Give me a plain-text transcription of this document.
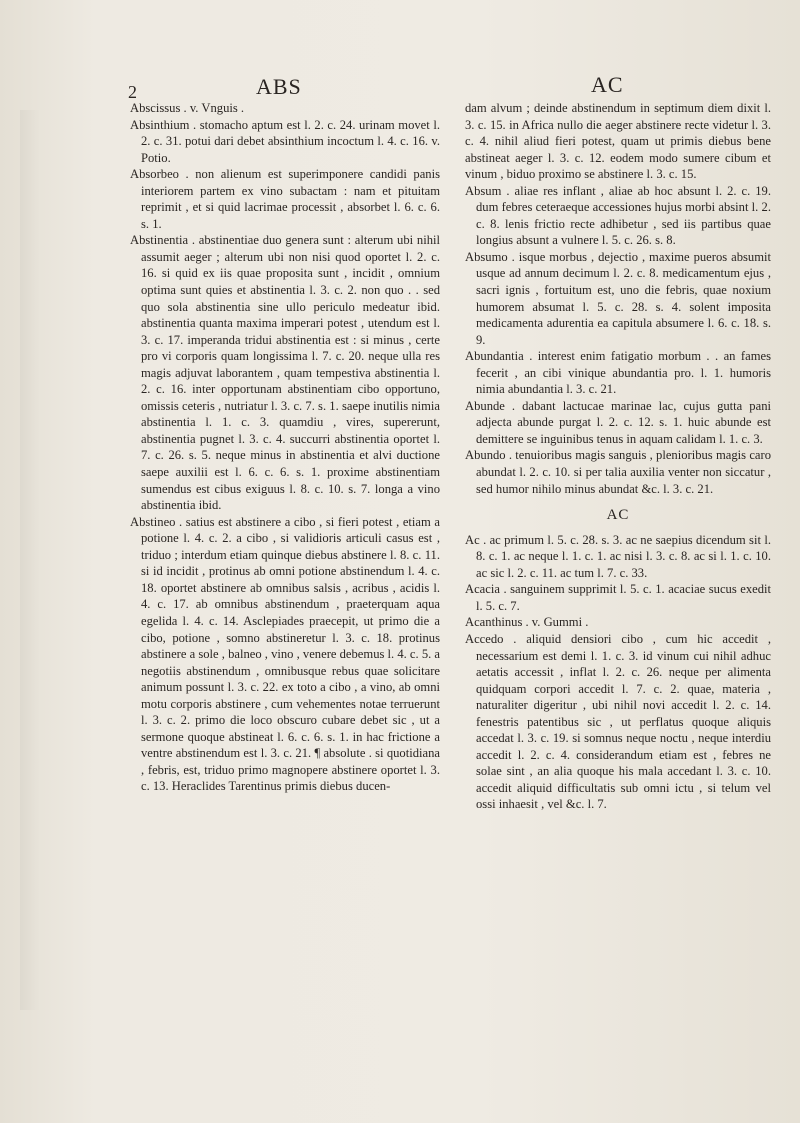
2	ABS	AC

Abscissus . v. Vnguis .

Absinthium . stomacho aptum est l. 2. c. 24. urinam movet l. 2. c. 31. potui dari debet absinthium incoctum l. 4. c. 16. v. Potio.

Absorbeo . non alienum est superimponere candidi panis interiorem partem ex vino subactam : nam et pituitam reprimit , et si quid lacrimae processit , absorbet l. 6. c. 6. s. 1.

Abstinentia . abstinentiae duo genera sunt : alterum ubi nihil assumit aeger ; alterum ubi non nisi quod oportet l. 2. c. 16. si quid ex iis quae proposita sunt , incidit , omnium optima sunt quies et abstinentia l. 3. c. 2. non quo . . sed quo sola abstinentia sine ullo periculo medeatur ibid. abstinentia quanta maxima imperari potest , utendum est l. 3. c. 17. imperanda tridui abstinentia est : si minus , certe pro vi corporis quam longissima l. 7. c. 20. neque ulla res magis adjuvat laborantem , quam tempestiva abstinentia l. 2. c. 16. inter opportunam abstinentiam cibo opportuno, omissis ceteris , nutriatur l. 3. c. 7. s. 1. saepe inutilis nimia abstinentia l. 1. c. 3. quamdiu , vires, supererunt, abstinentia pugnet l. 3. c. 4. succurri abstinentia oportet l. 7. c. 26. s. 5. neque minus in abstinentia et alvi ductione saepe auxilii est l. 6. c. 6. s. 1. proxime abstinentiam sumendus est cibus exiguus l. 8. c. 10. s. 7. longa a vino abstinentia ibid.

Abstineo . satius est abstinere a cibo , si fieri potest , etiam a potione l. 4. c. 2. a cibo , si validioris articuli casus est , triduo ; interdum etiam quinque diebus abstinere l. 8. c. 11. si id incidit , protinus ab omni potione abstinendum l. 4. c. 18. oportet abstinere ab omnibus salsis , acribus , acidis l. 4. c. 17. ab omnibus abstinendum , praeterquam aqua egelida l. 4. c. 14. Asclepiades praecepit, ut primo die a cibo, potione , somno abstineretur l. 3. c. 18. protinus abstinere a sole , balneo , vino , venere debemus l. 4. c. 5. a negotiis abstinendum , omnibusque rebus quae solicitare animum possunt l. 3. c. 22. ex toto a cibo , a vino, ab omni motu corporis abstinere , cum vehementes notae terruerunt l. 3. c. 2. primo die loco obscuro cubare debet sic , ut a sermone quoque abstineat l. 6. c. 6. s. 1. in hac frictione a ventre abstinendum est l. 3. c. 21. ¶ absolute . si quotidiana , febris, est, triduo primo magnopere abstinere oportet l. 3. c. 13. Heraclides Tarentinus primis diebus ducen-

dam alvum ; deinde abstinendum in septimum diem dixit l. 3. c. 15. in Africa nullo die aeger abstinere recte videtur l. 3. c. 4. nihil aliud fieri potest, quam ut primis diebus bene abstineat aeger l. 3. c. 12. eodem modo sumere cibum et vinum , biduo proximo se abstinere l. 3. c. 15.

Absum . aliae res inflant , aliae ab hoc absunt l. 2. c. 19. dum febres ceteraeque accessiones hujus morbi absint l. 2. c. 8. lenis frictio recte adhibetur , sed iis partibus quae longius absunt a vulnere l. 5. c. 26. s. 8.

Absumo . isque morbus , dejectio , maxime pueros absumit usque ad annum decimum l. 2. c. 8. medicamentum ejus , sacri ignis , fortuitum est, uno die febris, quae noxium humorem absumat l. 5. c. 28. s. 4. solent imposita medicamenta adurentia ea capitula absumere l. 6. c. 18. s. 9.

Abundantia . interest enim fatigatio morbum . . an fames fecerit , an cibi vinique abundantia pro. l. 1. humoris nimia abundantia l. 3. c. 21.

Abunde . dabant lactucae marinae lac, cujus gutta pani adjecta abunde purgat l. 2. c. 12. s. 1. huic abunde est demittere se inguinibus tenus in aquam calidam l. 1. c. 3.

Abundo . tenuioribus magis sanguis , plenioribus magis caro abundat l. 2. c. 10. si per talia auxilia venter non siccatur , sed humor nihilo minus abundat &c. l. 3. c. 21.

AC

Ac . ac primum l. 5. c. 28. s. 3. ac ne saepius dicendum sit l. 8. c. 1. ac neque l. 1. c. 1. ac nisi l. 3. c. 8. ac si l. 1. c. 10. ac sic l. 2. c. 11. ac tum l. 7. c. 33.

Acacia . sanguinem supprimit l. 5. c. 1. acaciae sucus exedit l. 5. c. 7.

Acanthinus . v. Gummi .

Accedo . aliquid densiori cibo , cum hic accedit , necessarium est demi l. 1. c. 3. id vinum cui nihil adhuc aetatis accessit , inflat l. 2. c. 26. neque per alimenta quidquam corpori accedit l. 7. c. 2. quae, materia , naturaliter digeritur , ubi nihil novi accedit l. 2. c. 14. fenestris patentibus sic , ut perflatus quoque aliquis accedat l. 3. c. 19. si somnus neque noctu , neque interdiu accedit l. 2. c. 4. considerandum etiam est , febres ne solae sint , an alia quoque his mala accedant l. 3. c. 10. accedit aliquid difficultatis sub omni ictu , si telum vel ossi inhaesit , vel &c. l. 7.
